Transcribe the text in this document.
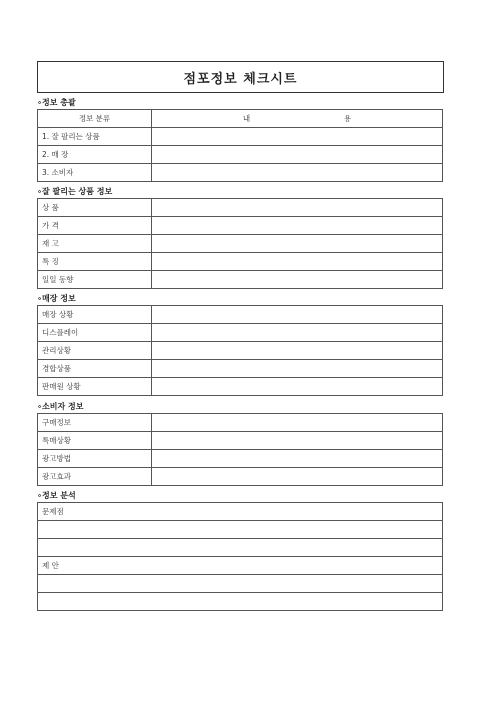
점포정보 체크시트
∘정보 총괄
정보 분류	내 용

1. 잘 팔리는 상품	
2. 매 장	
3. 소비자	
∘잘 팔리는 상품 정보
상 품	
가 격	
재 고	
특 징	
일일 동향	
∘매장 정보
매장 상황	
디스플레이	
관리상황	
경합상품	
판매원 상황	
∘소비자 정보
구매정보	
특매상황	
광고방법	
광고효과	
∘정보 분석
문제점

제 안
